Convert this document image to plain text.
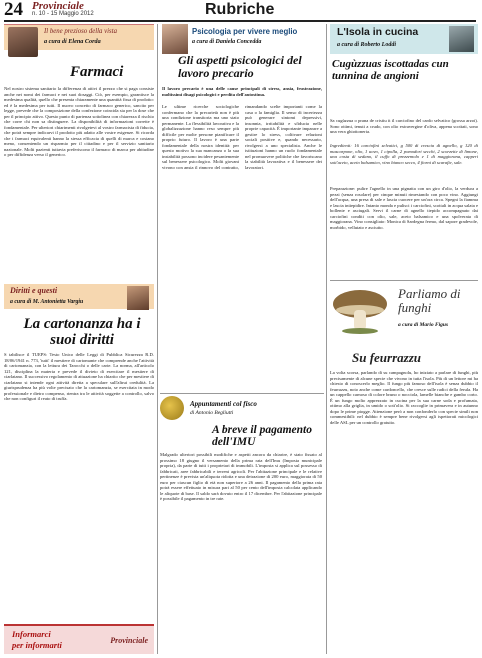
24 Provinciale
n. 10 - 15 Maggio 2012	Rubriche
Il bene prezioso della vista
a cura di Elena Corda
Farmaci
Nel nostro sistema sanitario la differenza di attivi il prezzo che si paga consiste anche nei nomi dei farmaci e nei suoi dosaggi. Ciò, per esempio, garantisce la medesima qualità, quello che presenta chiaramente una quantità fissa di prodotto: ed è la medesima per tutti. Il nuovo concetto di farmaco generico, sancito per legge, prevede che la composizione della confezione coincida sia per la dose che per il principio attivo. Questo punto di partenza sottolinea con chiarezza il rischio che corre chi non sa distinguere. La disponibilità di informazioni corrette è fondamentale. Per ulteriori chiarimenti rivolgetevi al vostro farmacista di fiducia, che potrà sempre indicarvi il prodotto più adatto alle vostre esigenze. Si ricorda che i farmaci equivalenti hanno la stessa efficacia di quelli di marca e costano meno, consentendo un risparmio per il cittadino e per il servizio sanitario nazionale. Molti pazienti tuttavia preferiscono il farmaco di marca per abitudine o per diffidenza verso il generico.
Diritti e questi
a cura di M. Antonietta Vargiu
La cartonanza ha i suoi diritti
S tabilisce il TUEPS: Testo Unico delle Leggi di Pubblica Sicurezza R.D. 18/06/1941 n. 773, 'tutti' il mestiere di cartomante che comprende anche l'attività di cartomanzia, con la lettura dei Tarocchi o delle carte. La norma, all'articolo 121, disciplina la materia e prevede il divieto di esercitare il mestiere di ciarlatano. Il successivo regolamento di attuazione ha chiarito che per mestiere di ciarlatano si intende ogni attività diretta a speculare sull'altrui credulità. La giurisprudenza ha più volte precisato che la cartomanzia, se esercitata in modo professionale e dietro compenso, rientra tra le attività soggette a controllo, salvo che non configuri il reato di truffa.
Informarci
per informarti	Provinciale
Psicologia per vivere meglio
a cura di Daniela Concedda
Gli aspetti psicologici del lavoro precario
Il lavoro precario è una delle cause principali di stress, ansia, frustrazione, moltissimi disagi psicologici e perdita dell'autostima.
Le ultime ricerche sociologiche confermano che la precarietà non è più una condizione transitoria ma uno stato permanente. La flessibilità lavorativa e la globalizzazione hanno reso sempre più difficile per molte persone pianificare il proprio futuro. Il lavoro è una parte fondamentale della nostra identità: per questo motivo la sua mancanza o la sua instabilità possono incidere pesantemente sul benessere psicologico. Molti giovani vivono con ansia il rinnovo del contratto, rimandando scelte importanti come la casa o la famiglia. Il senso di incertezza può generare sintomi depressivi, insonnia, irritabilità e sfiducia nelle proprie capacità. È importante imparare a gestire lo stress, coltivare relazioni sociali positive e, quando necessario, rivolgersi a uno specialista. Anche le istituzioni hanno un ruolo fondamentale nel promuovere politiche che favoriscano la stabilità lavorativa e il benessere dei lavoratori.
Appuntamenti col fisco
di Antonio Begliutti
A breve il pagamento dell'IMU
Malgrado ulteriori possibili modifiche e aspetti ancora da chiarire, è stato fissato al prossimo 18 giugno il versamento della prima rata dell'Imu (Imposta municipale propria), da parte di tutti i proprietari di immobili. L'imposta si applica sul possesso di fabbricati, aree fabbricabili e terreni agricoli. Per l'abitazione principale e le relative pertinenze è prevista un'aliquota ridotta e una detrazione di 200 euro, maggiorata di 50 euro per ciascun figlio di età non superiore a 26 anni. Il pagamento della prima rata potrà essere effettuato in misura pari al 50 per cento dell'imposta calcolata applicando le aliquote di base. Il saldo sarà dovuto entro il 17 dicembre. Per l'abitazione principale è possibile il pagamento in tre rate.
L'Isola in cucina
a cura di Roberto Loddi
Cugùzzuas iscottadas cun tunnina de angioni
Sa cugùzzua o prana de cristiu it il carciofino del cardo selvatico (grossa arzoi). Sono ottimi, tenuti a crudo, con olio extravergine d'oliva, appena scottati, sono una vera ghiottoneria.
Ingredienti: 16 carciofini selvatici, g 500 di crescia di agnello, g 120 di mascarpone, olio, 1 uovo, 1 cipolla, 2 pomodori secchi, 2 scorzette di limone, una costa di sedano, il cuffo di prezzemolo e 1 di maggiorana, capperi sott'aceto, aceto balsamico, vino bianco secco, 4 fiorni di scarafie, sale.
Preparazione: pulire l'agnello in una pignatta con un giro d'olio, la verdura a pezzi (senza rosolare) per cinque minuti rimestando con poco vino. Aggiungi dell'acqua, una presa di sale e lascia cuocere per un'ora circa. Spegni la fiamma e lascia intiepidire. Intanto monda e pulisci i carciofini, scottali in acqua salata e bollente e asciugali. Servi il carne di agnello tiepido accompagnato dai carciofini conditi con olio, sale, aceto balsamico e una spolverata di maggiorana. Vino consigliato: Monica di Sardegna fermo, dal sapore gradevole, morbido, vellutato e asciutto.
Parliamo di funghi
a cura di Mario Figus
Su feurrazzu
La volta scorsa, parlando di su campagnolu, ho iniziato a parlare di funghi, più precisamente di alcune specie che vivono in tutta l'isola. Più di un lettore mi ha chiesto di conoscerlo meglio. Il fungo più famoso dell'isola è senza dubbio il feurrazzu, noto anche come cardoncello, che cresce sulle radici della ferula. Ha un cappello carnoso di colore bruno o nocciola, lamelle bianche e gambo corto. È un fungo molto apprezzato in cucina per la sua carne soda e profumata, ottimo alla griglia, in umido o sott'olio. Si raccoglie in primavera e in autunno dopo le prime piogge. Attenzione però a non confonderlo con specie simili non commestibili: nel dubbio è sempre bene rivolgersi agli ispettorati micologici delle ASL per un controllo gratuito.
